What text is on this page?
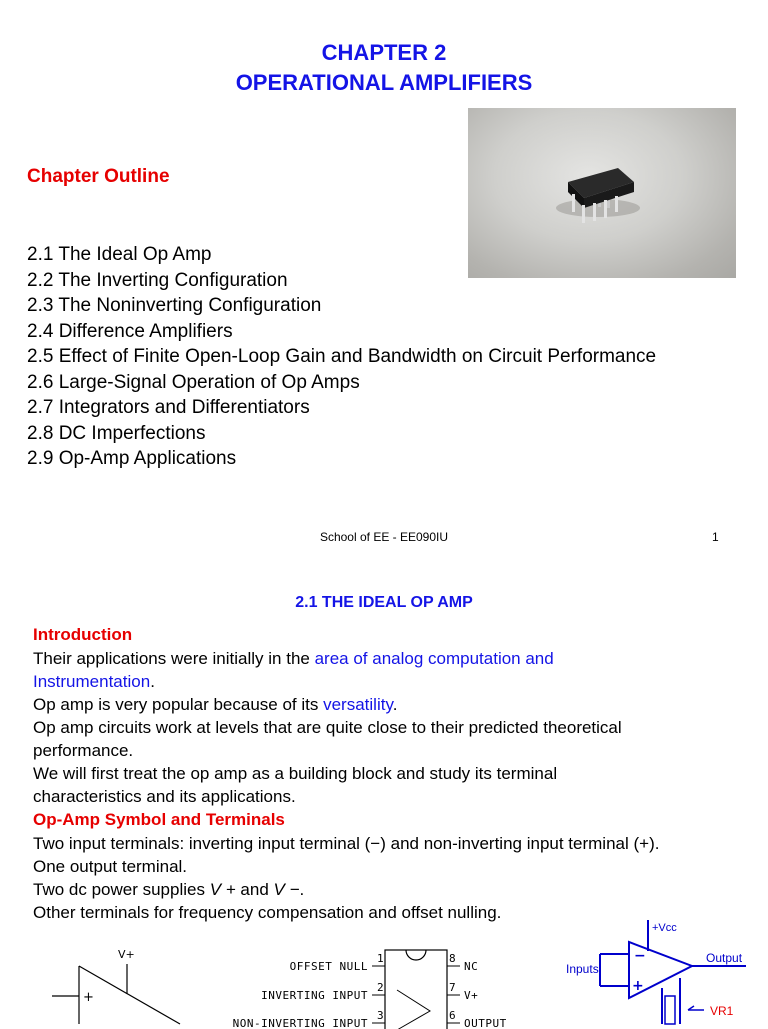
CHAPTER 2
OPERATIONAL AMPLIFIERS
Chapter Outline
2.1 The Ideal Op Amp
2.2 The Inverting Configuration
2.3 The Noninverting Configuration
2.4 Difference Amplifiers
2.5 Effect of Finite Open-Loop Gain and Bandwidth on Circuit Performance
2.6 Large-Signal Operation of Op Amps
2.7 Integrators and Differentiators
2.8 DC Imperfections
2.9 Op-Amp Applications
School of EE - EE090IU	1
2.1 THE IDEAL OP AMP
Introduction
Their applications were initially in the area of analog computation and
Instrumentation.
Op amp is very popular because of its versatility.
Op amp circuits work at levels that are quite close to their predicted theoretical
performance.
We will first treat the op amp as a building block and study its terminal
characteristics and its applications.
Op-Amp Symbol and Terminals
Two input terminals: inverting input terminal (−) and non-inverting input terminal (+).
One output terminal.
Two dc power supplies V + and V −.
Other terminals for frequency compensation and offset nulling.
V+
+
OFFSET NULL
1
INVERTING INPUT
2
NON-INVERTING INPUT
3
NC
8
V+
7
OUTPUT
6
−
+
+Vcc
Inputs
Output
VR1
